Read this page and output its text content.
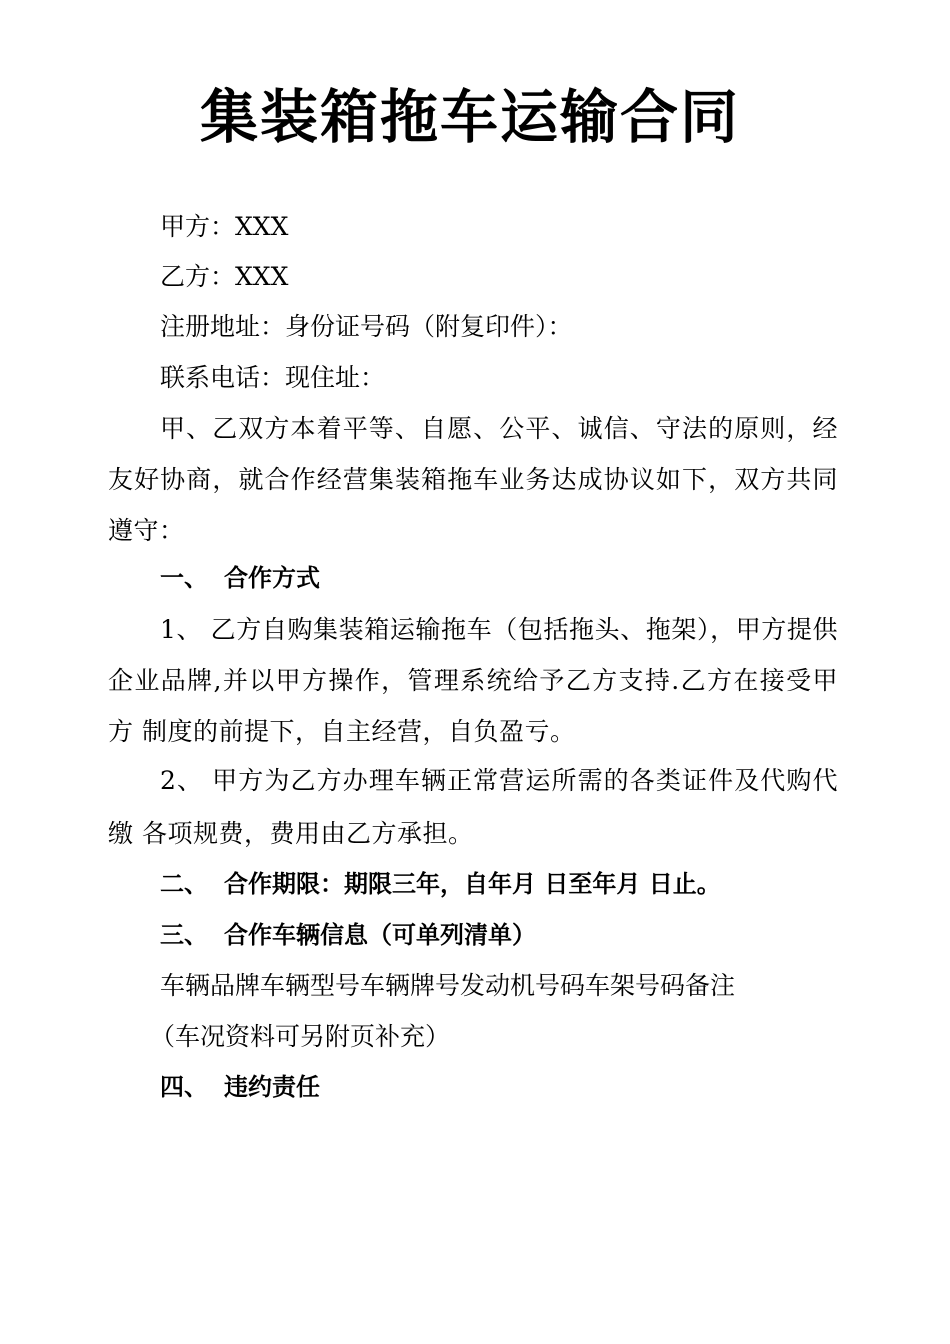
集装箱拖车运输合同

甲方：XXX

乙方：XXX

注册地址：身份证号码（附复印件）：

联系电话：现住址：

甲、乙双方本着平等、自愿、公平、诚信、守法的原则，经友好协商，就合作经营集装箱拖车业务达成协议如下，双方共同遵守：

一、 合作方式

1、 乙方自购集装箱运输拖车（包括拖头、拖架），甲方提供 企业品牌,并以甲方操作，管理系统给予乙方支持.乙方在接受甲方 制度的前提下，自主经营，自负盈亏。

2、 甲方为乙方办理车辆正常营运所需的各类证件及代购代缴 各项规费，费用由乙方承担。

二、 合作期限：期限三年，自年月 日至年月 日止。
三、 合作车辆信息（可单列清单）

车辆品牌车辆型号车辆牌号发动机号码车架号码备注

（车况资料可另附页补充）

四、 违约责任
